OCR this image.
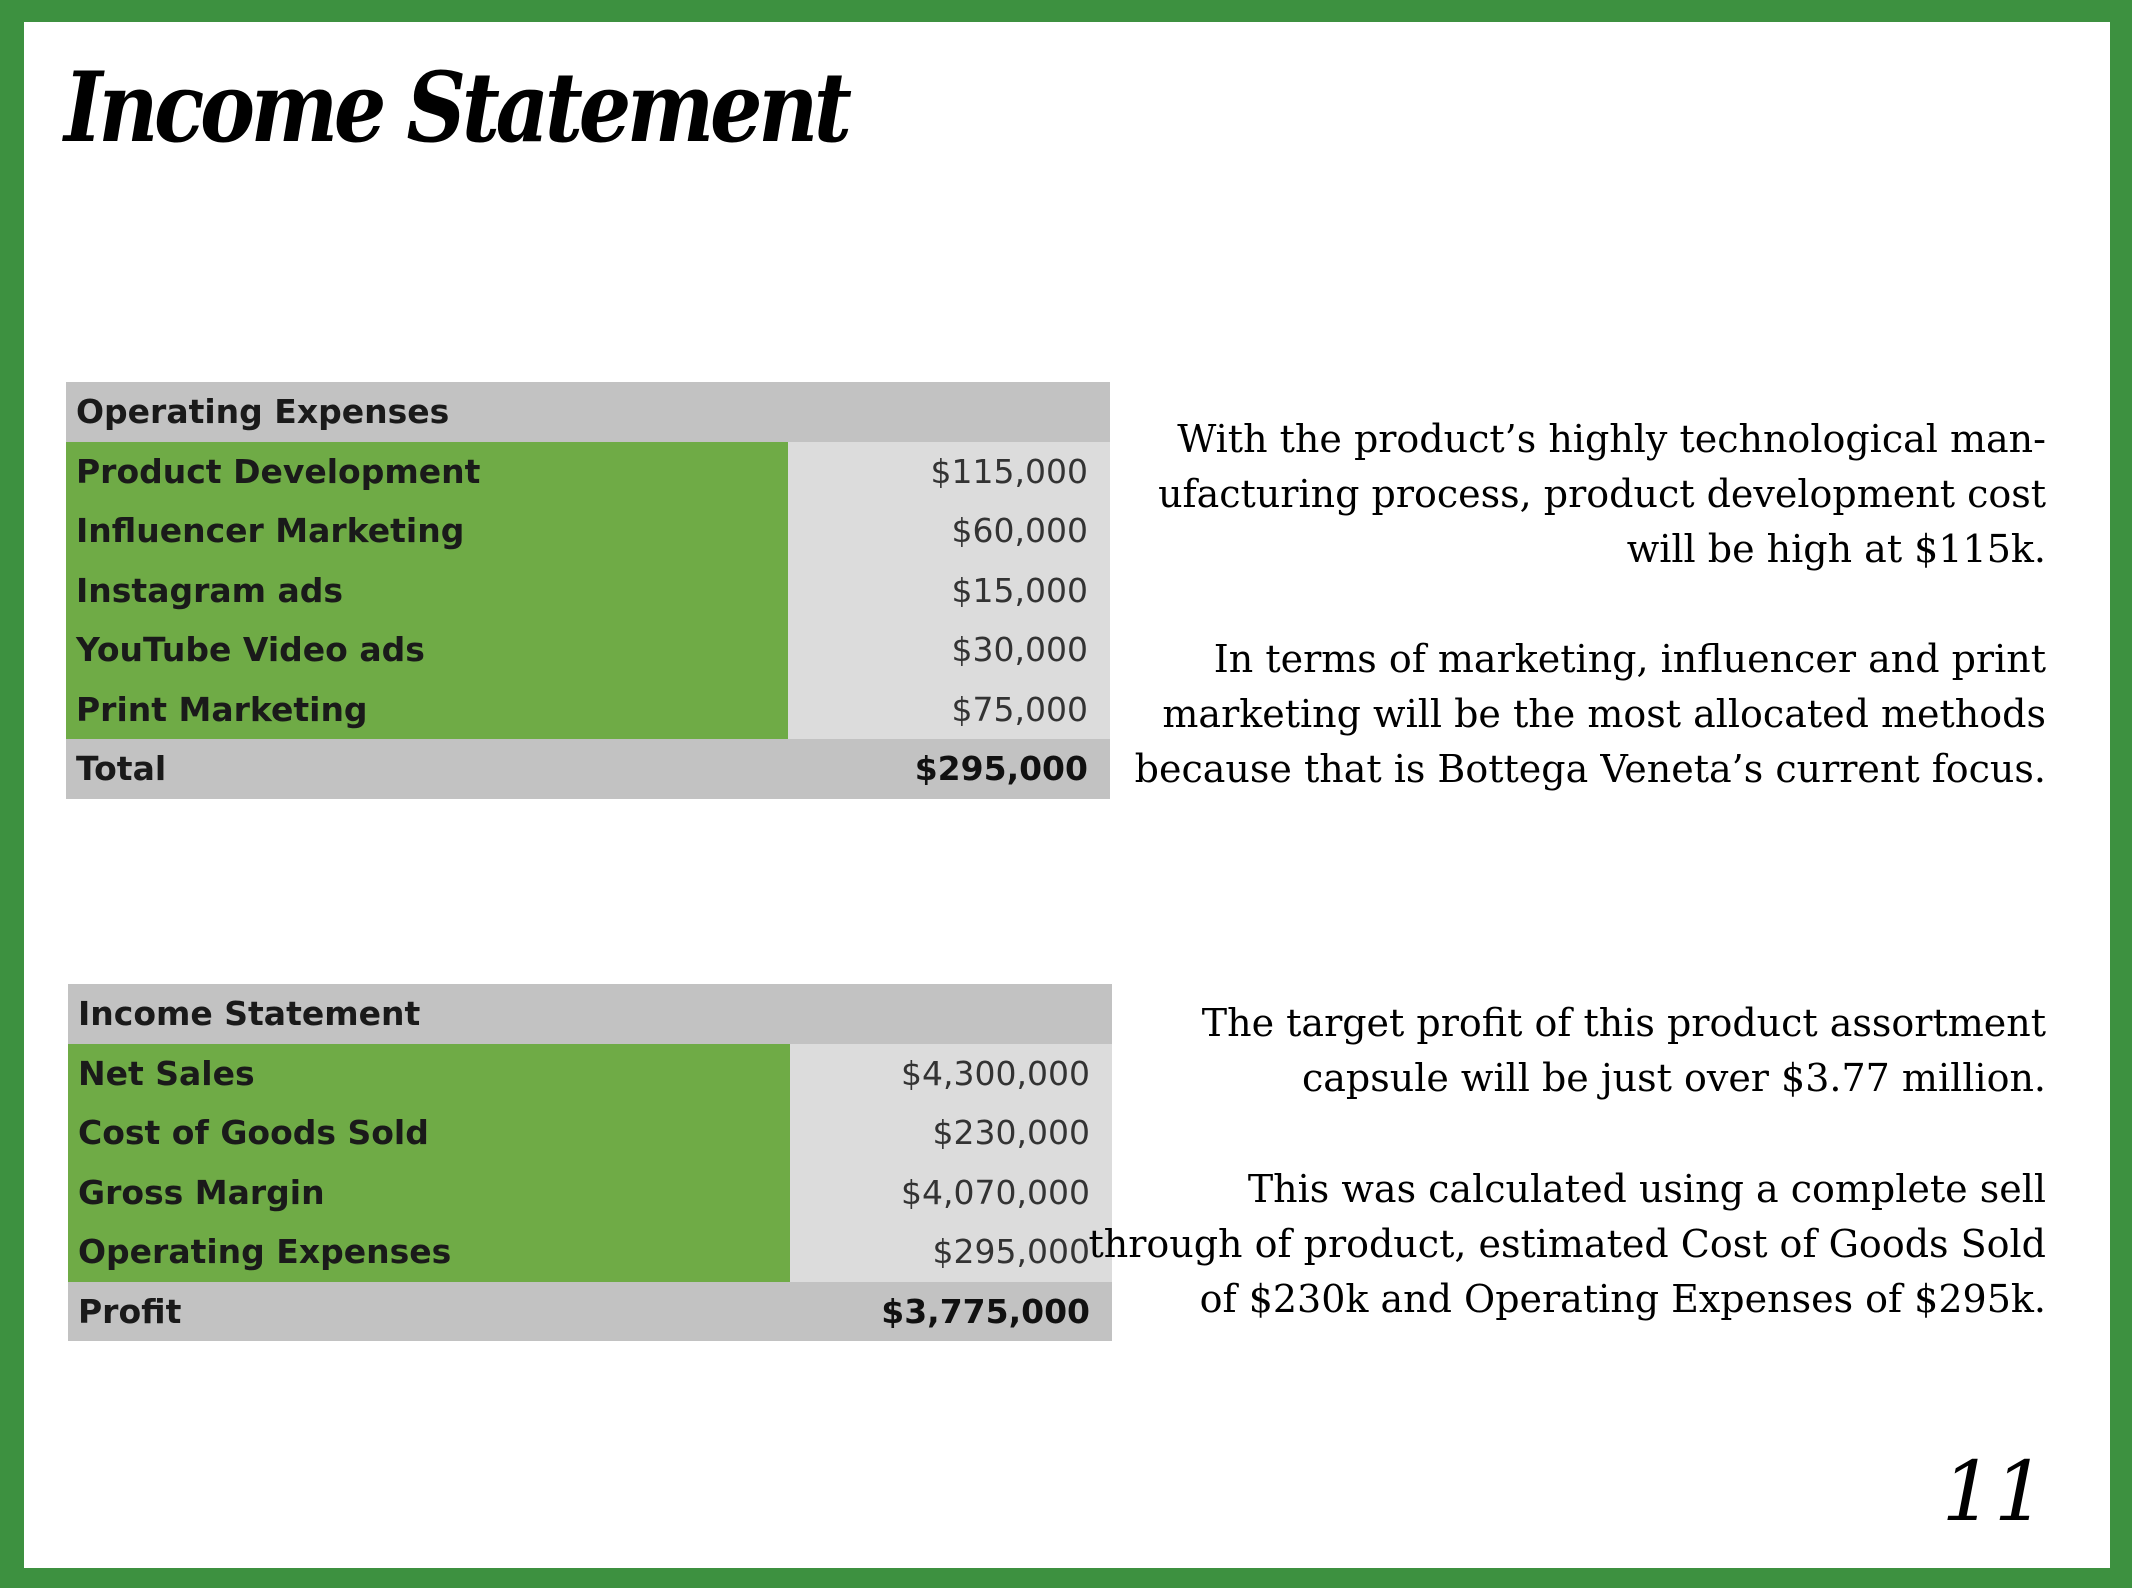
Income Statement
Operating Expenses	
Product Development	$115,000
Influencer Marketing	$60,000
Instagram ads	$15,000
YouTube Video ads	$30,000
Print Marketing	$75,000
Total	$295,000
Income Statement	
Net Sales	$4,300,000
Cost of Goods Sold	$230,000
Gross Margin	$4,070,000
Operating Expenses	$295,000
Profit	$3,775,000

With the product’s highly technological man-ufacturing process, product development cost will be high at $115k.

In terms of marketing, influencer and print marketing will be the most allocated methods because that is Bottega Veneta’s current focus.

The target profit of this product assortment capsule will be just over $3.77 million.

This was calculated using a complete sell through of product, estimated Cost of Goods Sold of $230k and Operating Expenses of $295k.

11
